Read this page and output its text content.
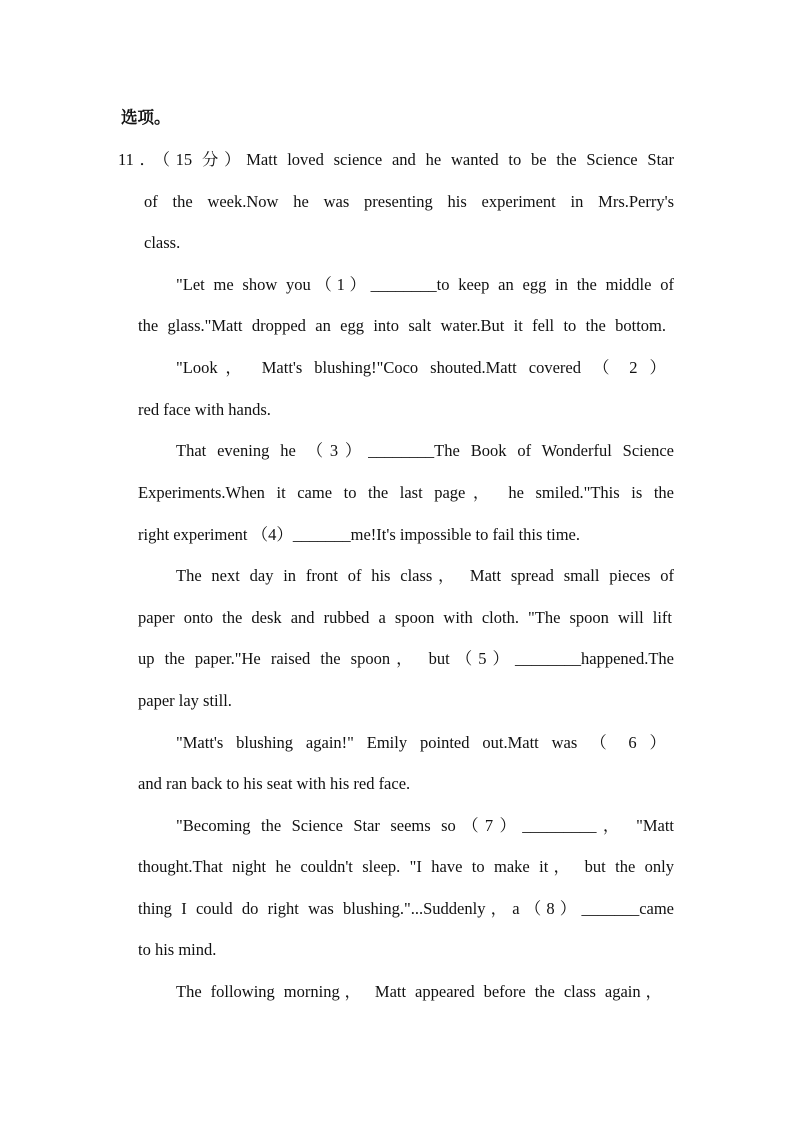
选项。
11．（15 分）Matt loved science and he wanted to be the Science Star
of the week.Now he was presenting his experiment in Mrs.Perry's
class.
"Let me show you（1）________to keep an egg in the middle of
the glass."Matt dropped an egg into salt water.But it fell to the bottom.
"Look， Matt's blushing!"Coco shouted.Matt covered （ 2 ）
red face with hands.
That evening he （3）________The Book of Wonderful Science
Experiments.When it came to the last page， he smiled."This is the
right experiment （4）_______me!It's impossible to fail this time.
The next day in front of his class， Matt spread small pieces of
paper onto the desk and rubbed a spoon with cloth. "The spoon will lift
up the paper."He raised the spoon， but（5）________happened.The
paper lay still.
"Matt's blushing again!" Emily pointed out.Matt was （ 6 ）
and ran back to his seat with his red face.
"Becoming the Science Star seems so（7）_________， "Matt
thought.That night he couldn't sleep. "I have to make it， but the only
thing I could do right was blushing."...Suddenly，a（8）_______came
to his mind.
The following morning， Matt appeared before the class again，
